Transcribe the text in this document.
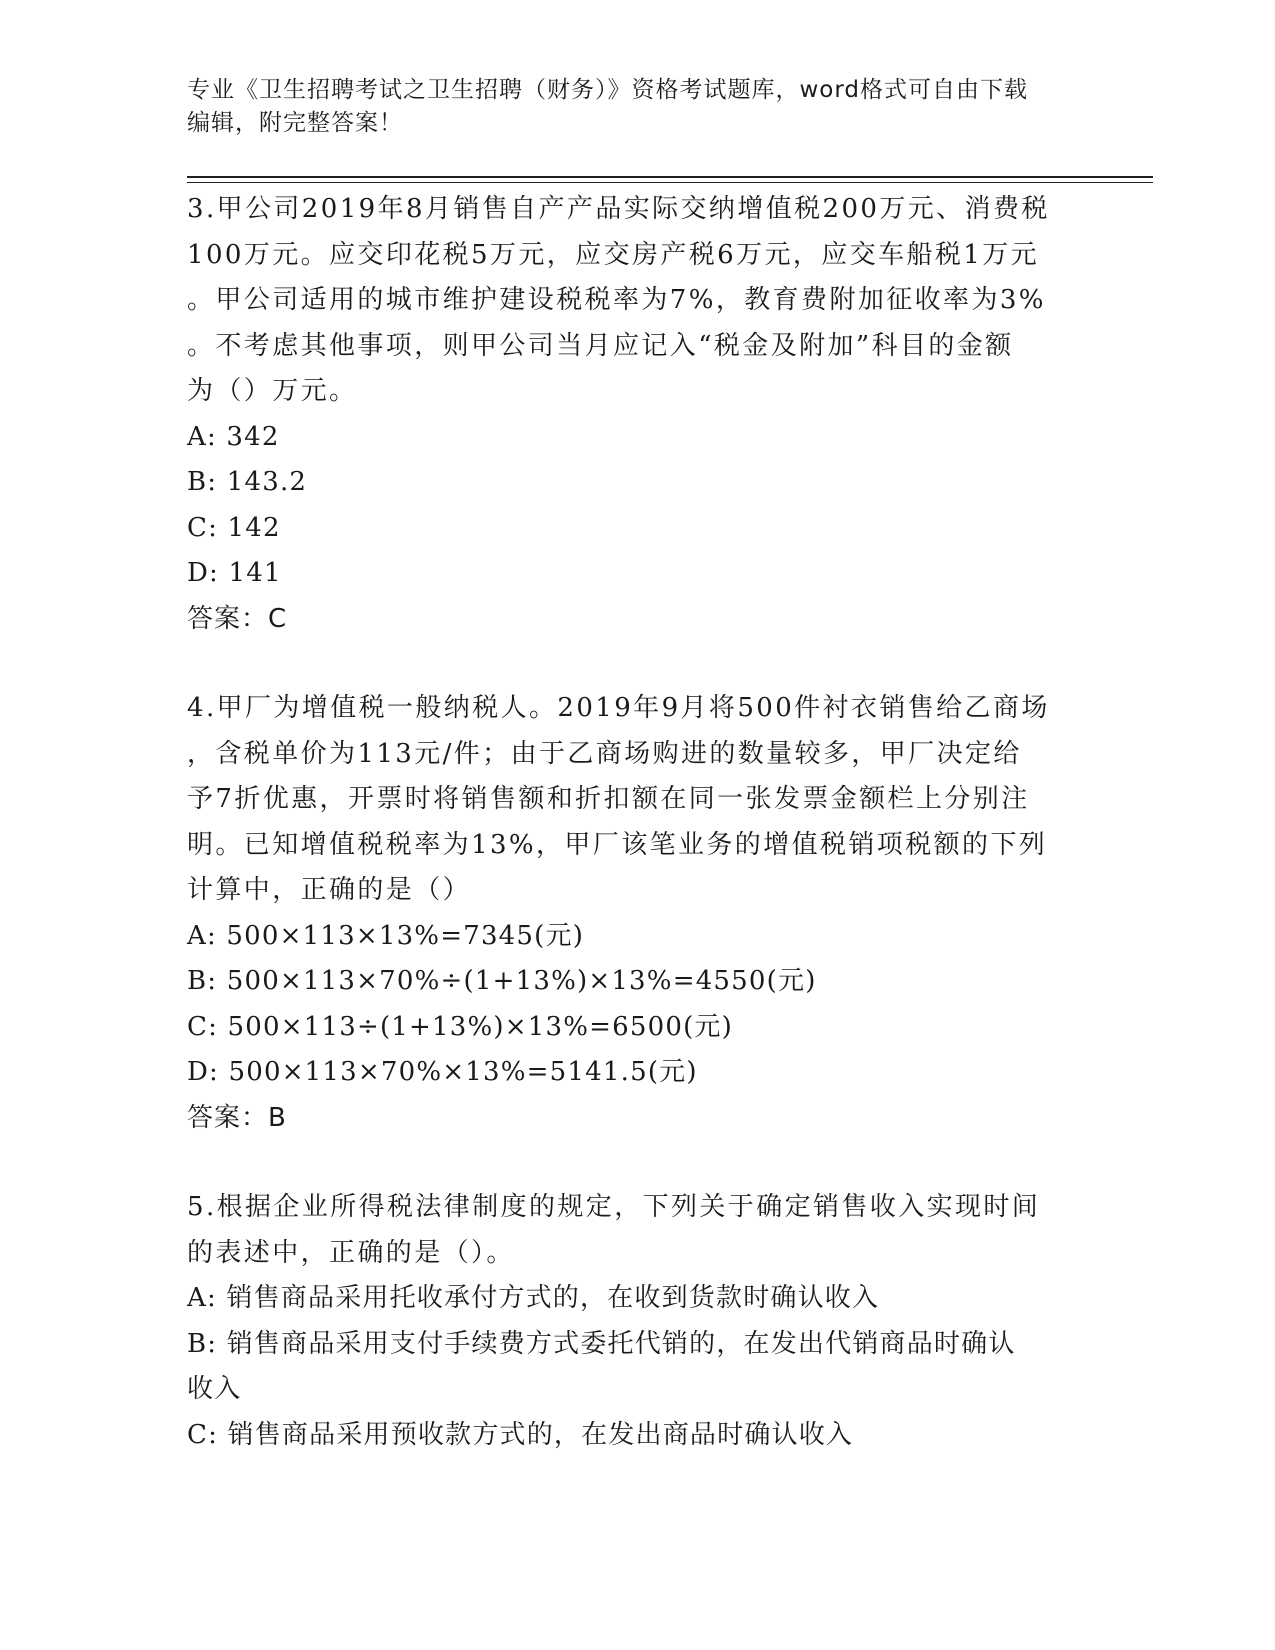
专业《卫生招聘考试之卫生招聘（财务）》资格考试题库，word格式可自由下载
编辑，附完整答案！

3.甲公司2019年8月销售自产产品实际交纳增值税200万元、消费税

100万元。应交印花税5万元，应交房产税6万元，应交车船税1万元

。甲公司适用的城市维护建设税税率为7%，教育费附加征收率为3%

。不考虑其他事项，则甲公司当月应记入“税金及附加”科目的金额

为（）万元。

A: 342

B: 143.2

C: 142

D: 141

答案：C

4.甲厂为增值税一般纳税人。2019年9月将500件衬衣销售给乙商场

，含税单价为113元/件；由于乙商场购进的数量较多，甲厂决定给

予7折优惠，开票时将销售额和折扣额在同一张发票金额栏上分别注

明。已知增值税税率为13%，甲厂该笔业务的增值税销项税额的下列

计算中，正确的是（）

A: 500×113×13%=7345(元)

B: 500×113×70%÷(1+13%)×13%=4550(元)

C: 500×113÷(1+13%)×13%=6500(元)

D: 500×113×70%×13%=5141.5(元)

答案：B

5.根据企业所得税法律制度的规定，下列关于确定销售收入实现时间

的表述中，正确的是（）。

A: 销售商品采用托收承付方式的，在收到货款时确认收入

B: 销售商品采用支付手续费方式委托代销的，在发出代销商品时确认

收入

C: 销售商品采用预收款方式的，在发出商品时确认收入
